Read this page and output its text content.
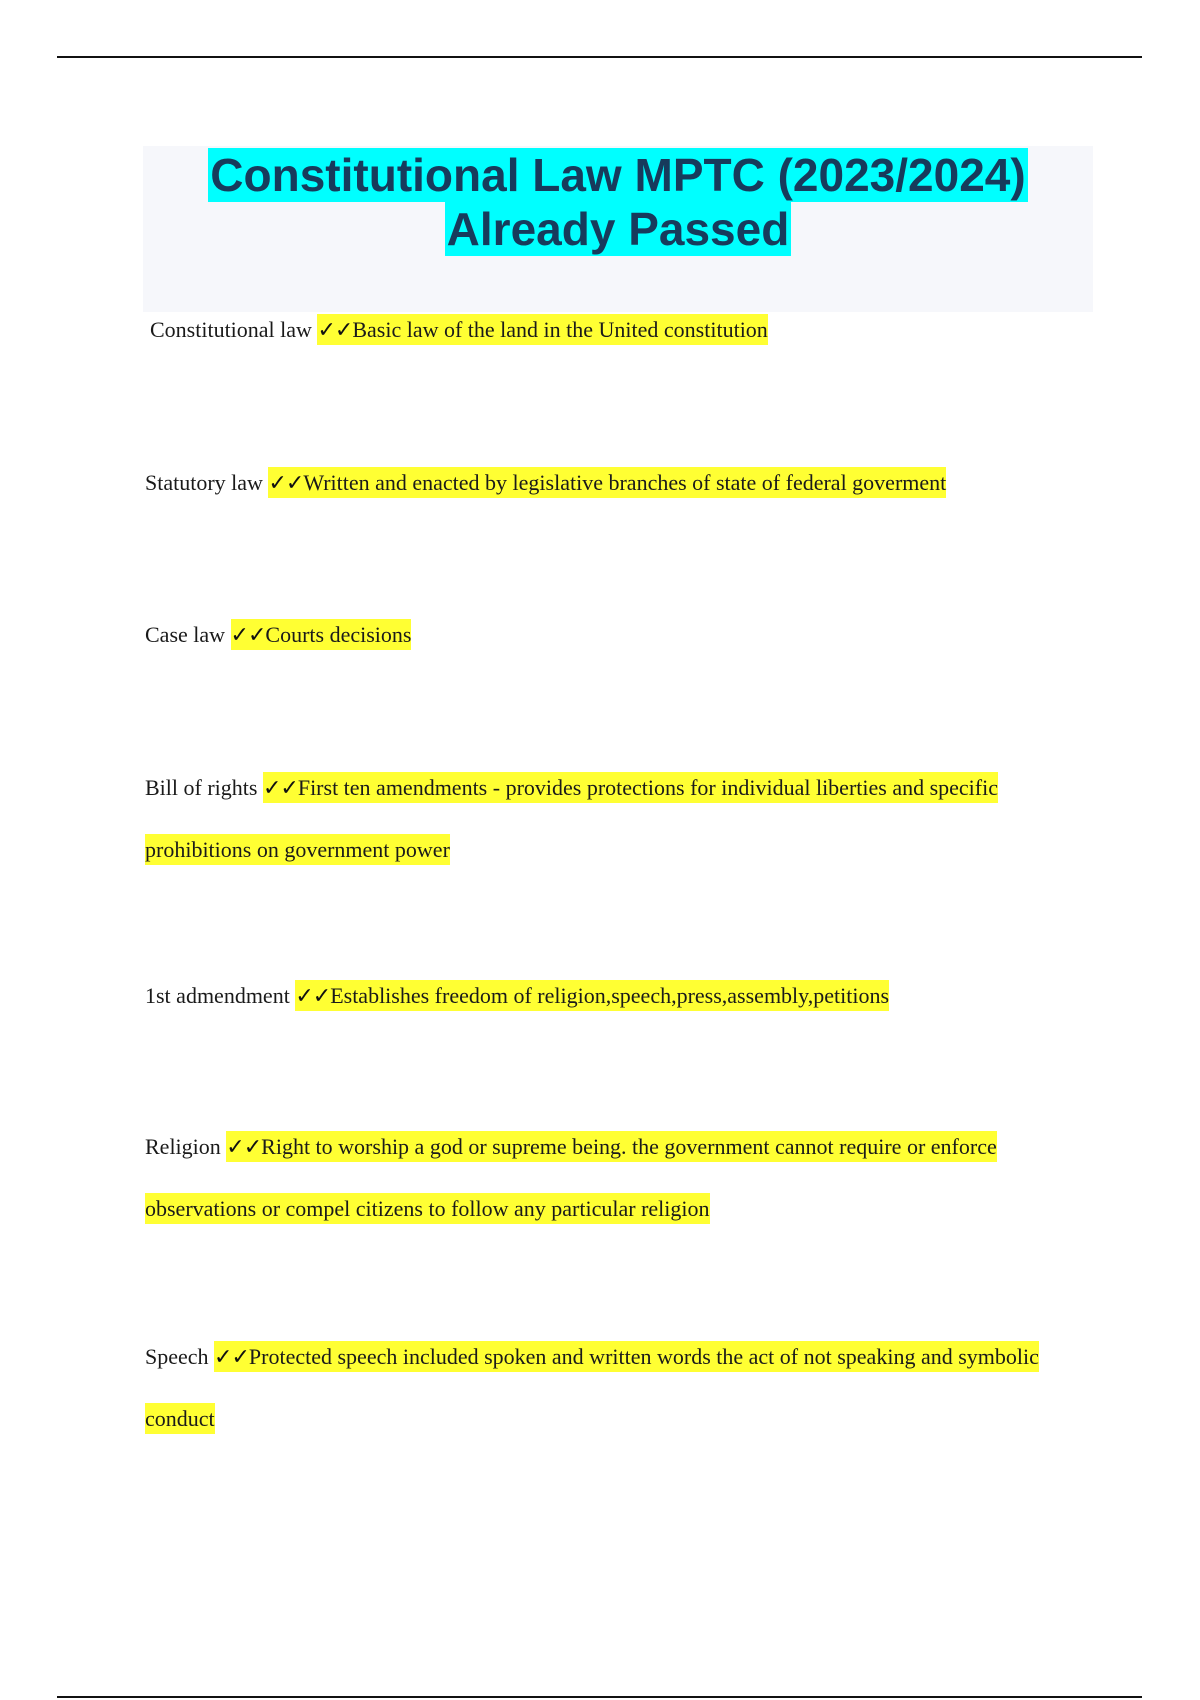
Constitutional Law MPTC (2023/2024)
Already Passed
Constitutional law ✓✓Basic law of the land in the United constitution
Statutory law ✓✓Written and enacted by legislative branches of state of federal goverment
Case law ✓✓Courts decisions
Bill of rights ✓✓First ten amendments - provides protections for individual liberties and specific prohibitions on government power
1st admendment ✓✓Establishes freedom of religion,speech,press,assembly,petitions
Religion ✓✓Right to worship a god or supreme being. the government cannot require or enforce observations or compel citizens to follow any particular religion
Speech ✓✓Protected speech included spoken and written words the act of not speaking and symbolic conduct
